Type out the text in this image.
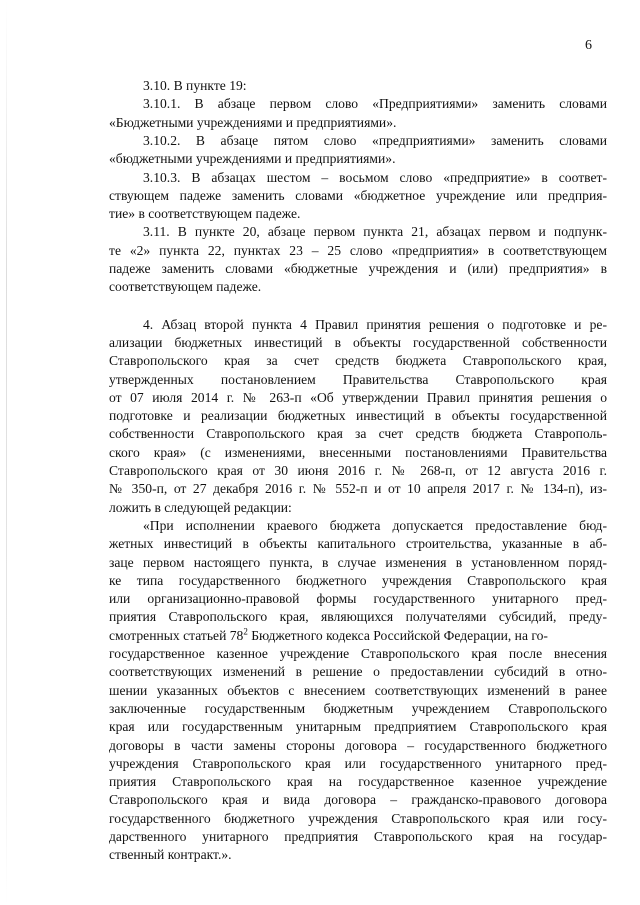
6
3.10. В пункте 19:
3.10.1. В абзаце первом слово «Предприятиями» заменить словами
«Бюджетными учреждениями и предприятиями».
3.10.2. В абзаце пятом слово «предприятиями» заменить словами
«бюджетными учреждениями и предприятиями».
3.10.3. В абзацах шестом – восьмом слово «предприятие» в соответ-
ствующем падеже заменить словами «бюджетное учреждение или предприя-
тие» в соответствующем падеже.
3.11. В пункте 20, абзаце первом пункта 21, абзацах первом и подпунк-
те «2» пункта 22, пунктах 23 – 25 слово «предприятия» в соответствующем
падеже заменить словами «бюджетные учреждения и (или) предприятия» в
соответствующем падеже.
4. Абзац второй пункта 4 Правил принятия решения о подготовке и ре-
ализации бюджетных инвестиций в объекты государственной собственности
Ставропольского края за счет средств бюджета Ставропольского края,
утвержденных постановлением Правительства Ставропольского края
от 07 июля 2014 г. № 263-п «Об утверждении Правил принятия решения о
подготовке и реализации бюджетных инвестиций в объекты государственной
собственности Ставропольского края за счет средств бюджета Ставрополь-
ского края» (с изменениями, внесенными постановлениями Правительства
Ставропольского края от 30 июня 2016 г. № 268-п, от 12 августа 2016 г.
№ 350-п, от 27 декабря 2016 г. № 552-п и от 10 апреля 2017 г. № 134-п), из-
ложить в следующей редакции:
«При исполнении краевого бюджета допускается предоставление бюд-
жетных инвестиций в объекты капитального строительства, указанные в аб-
заце первом настоящего пункта, в случае изменения в установленном поряд-
ке типа государственного бюджетного учреждения Ставропольского края
или организационно-правовой формы государственного унитарного пред-
приятия Ставропольского края, являющихся получателями субсидий, преду-
смотренных статьей $78^2$ Бюджетного кодекса Российской Федерации, на го-
государственное казенное учреждение Ставропольского края после внесения
соответствующих изменений в решение о предоставлении субсидий в отно-
шении указанных объектов с внесением соответствующих изменений в ранее
заключенные государственным бюджетным учреждением Ставропольского
края или государственным унитарным предприятием Ставропольского края
договоры в части замены стороны договора – государственного бюджетного
учреждения Ставропольского края или государственного унитарного пред-
приятия Ставропольского края на государственное казенное учреждение
Ставропольского края и вида договора – гражданско-правового договора
государственного бюджетного учреждения Ставропольского края или госу-
дарственного унитарного предприятия Ставропольского края на государ-
ственный контракт.».
